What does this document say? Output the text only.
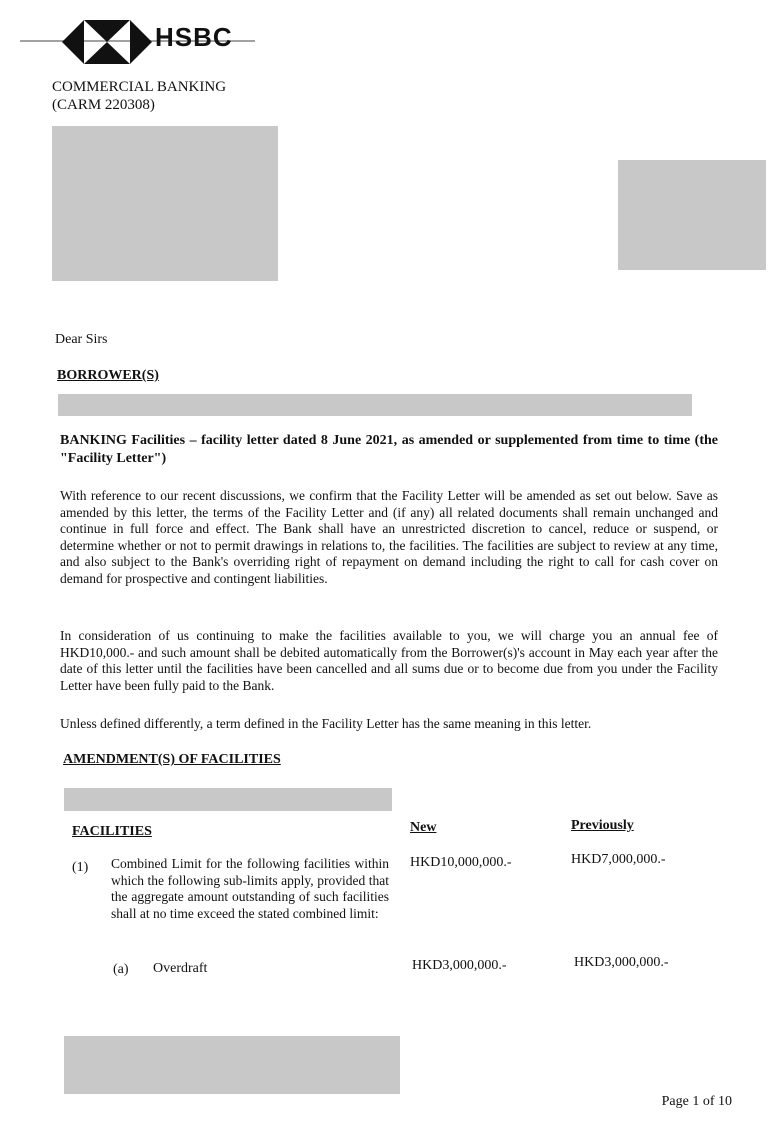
HSBC
COMMERCIAL BANKING
(CARM 220308)
Dear Sirs
BORROWER(S)
BANKING Facilities – facility letter dated 8 June 2021, as amended or supplemented from time to time (the "Facility Letter")
With reference to our recent discussions, we confirm that the Facility Letter will be amended as set out below. Save as amended by this letter, the terms of the Facility Letter and (if any) all related documents shall remain unchanged and continue in full force and effect. The Bank shall have an unrestricted discretion to cancel, reduce or suspend, or determine whether or not to permit drawings in relations to, the facilities. The facilities are subject to review at any time, and also subject to the Bank's overriding right of repayment on demand including the right to call for cash cover on demand for prospective and contingent liabilities.
In consideration of us continuing to make the facilities available to you, we will charge you an annual fee of HKD10,000.- and such amount shall be debited automatically from the Borrower(s)'s account in May each year after the date of this letter until the facilities have been cancelled and all sums due or to become due from you under the Facility Letter have been fully paid to the Bank.
Unless defined differently, a term defined in the Facility Letter has the same meaning in this letter.
AMENDMENT(S) OF FACILITIES
FACILITIES	New	Previously
(1) Combined Limit for the following facilities within which the following sub-limits apply, provided that the aggregate amount outstanding of such facilities shall at no time exceed the stated combined limit:
HKD10,000,000.-	HKD7,000,000.-
(a) Overdraft	HKD3,000,000.-	HKD3,000,000.-
Page 1 of 10
